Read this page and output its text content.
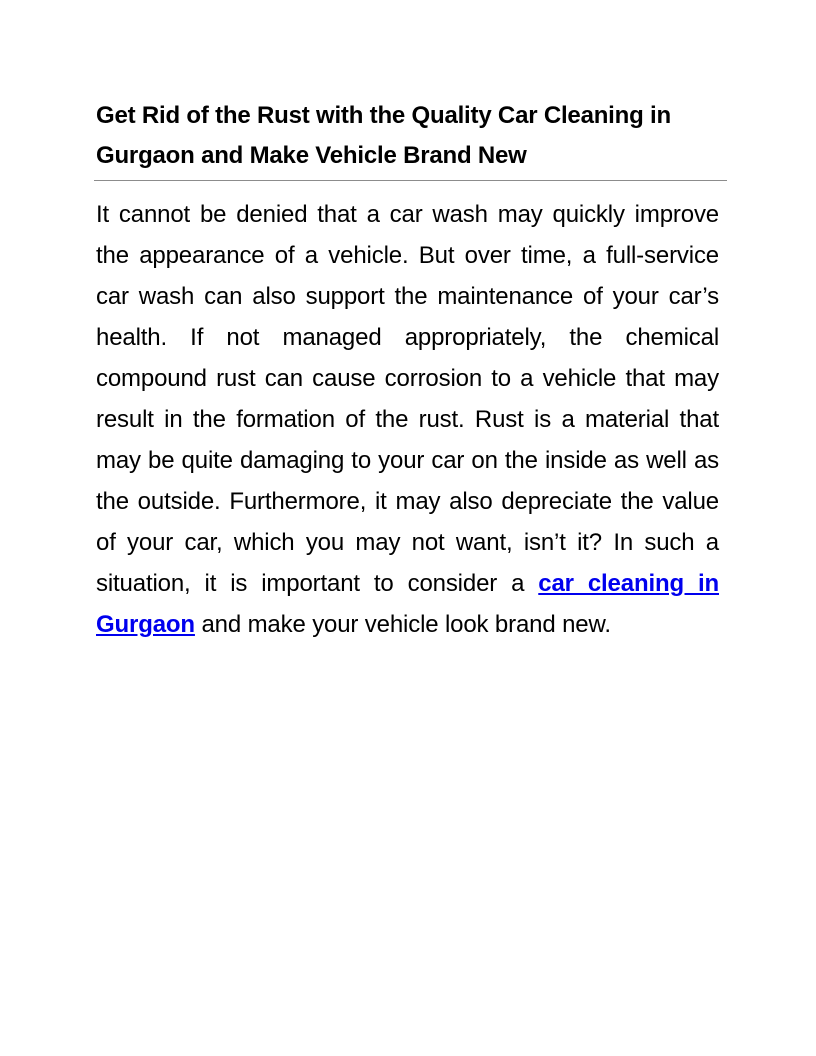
Get Rid of the Rust with the Quality Car Cleaning in Gurgaon and Make Vehicle Brand New

It cannot be denied that a car wash may quickly improve the appearance of a vehicle. But over time, a full-service car wash can also support the maintenance of your car’s health. If not managed appropriately, the chemical compound rust can cause corrosion to a vehicle that may result in the formation of the rust. Rust is a material that may be quite damaging to your car on the inside as well as the outside. Furthermore, it may also depreciate the value of your car, which you may not want, isn’t it? In such a situation, it is important to consider a car cleaning in Gurgaon and make your vehicle look brand new.
